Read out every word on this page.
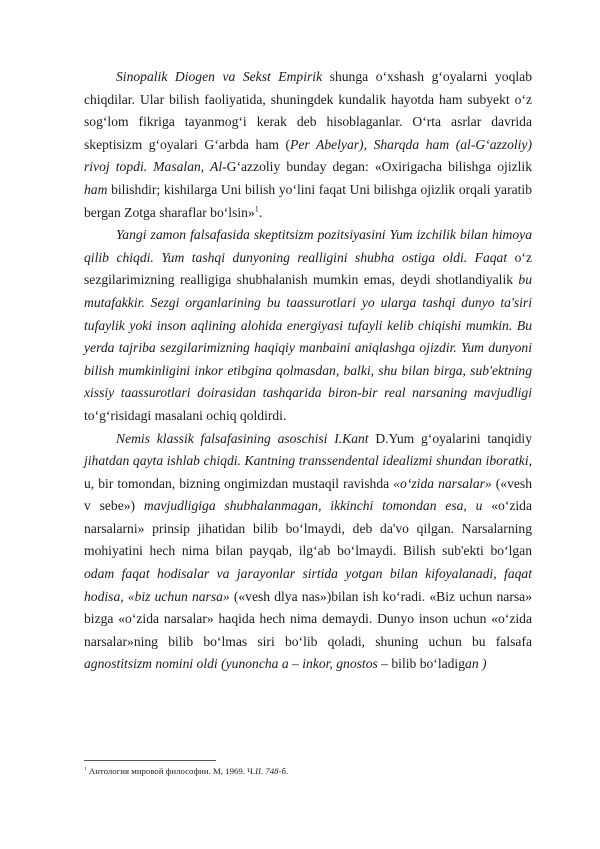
Sinopalik Diogen va Sekst Empirik shunga o‘xshash g‘oyalarni yoqlab chiqdilar. Ular bilish faoliyatida, shuningdek kundalik hayotda ham subyekt o‘z sog‘lom fikriga tayanmog‘i kerak deb hisoblaganlar. O‘rta asrlar davrida skeptisizm g‘oyalari G‘arbda ham (Per Abelyar), Sharqda ham (al-G‘azzoliy) rivoj topdi. Masalan, Al-G‘azzoliy bunday degan: «Oxirigacha bilishga ojizlik ham bilishdir; kishilarga Uni bilish yo‘lini faqat Uni bilishga ojizlik orqali yaratib bergan Zotga sharaflar bo‘lsin»$^1$.

Yangi zamon falsafasida skeptitsizm pozitsiyasini Yum izchilik bilan himoya qilib chiqdi. Yum tashqi dunyoning realligini shubha ostiga oldi. Faqat o‘z sezgilarimizning realligiga shubhalanish mumkin emas, deydi shotlandiyalik bu mutafakkir. Sezgi organlarining bu taassurotlari yo ularga tashqi dunyo ta'siri tufaylik yoki inson aqlining alohida energiyasi tufayli kelib chiqishi mumkin. Bu yerda tajriba sezgilarimizning haqiqiy manbaini aniqlashga ojizdir. Yum dunyoni bilish mumkinligini inkor etibgina qolmasdan, balki, shu bilan birga, sub'ektning xissiy taassurotlari doirasidan tashqarida biron-bir real narsaning mavjudligi to‘g‘risidagi masalani ochiq qoldirdi.

Nemis klassik falsafasining asoschisi I.Kant D.Yum g‘oyalarini tanqidiy jihatdan qayta ishlab chiqdi. Kantning transsendental idealizmi shundan iboratki, u, bir tomondan, bizning ongimizdan mustaqil ravishda «o‘zida narsalar» («vesh v sebe») mavjudligiga shubhalanmagan, ikkinchi tomondan esa, u «o‘zida narsalarni» prinsip jihatidan bilib bo‘lmaydi, deb da'vo qilgan. Narsalarning mohiyatini hech nima bilan payqab, ilg‘ab bo‘lmaydi. Bilish sub'ekti bo‘lgan odam faqat hodisalar va jarayonlar sirtida yotgan bilan kifoyalanadi, faqat hodisa, «biz uchun narsa» («vesh dlya nas»)bilan ish ko‘radi. «Biz uchun narsa» bizga «o‘zida narsalar» haqida hech nima demaydi. Dunyo inson uchun «o‘zida narsalar»ning bilib bo‘lmas siri bo‘lib qoladi, shuning uchun bu falsafa agnostitsizm nomini oldi (yunoncha a – inkor, gnostos – bilib bo‘ladigan )

$^1$ Антология мировой философии. М, 1969. Ч.II. 748-б.
